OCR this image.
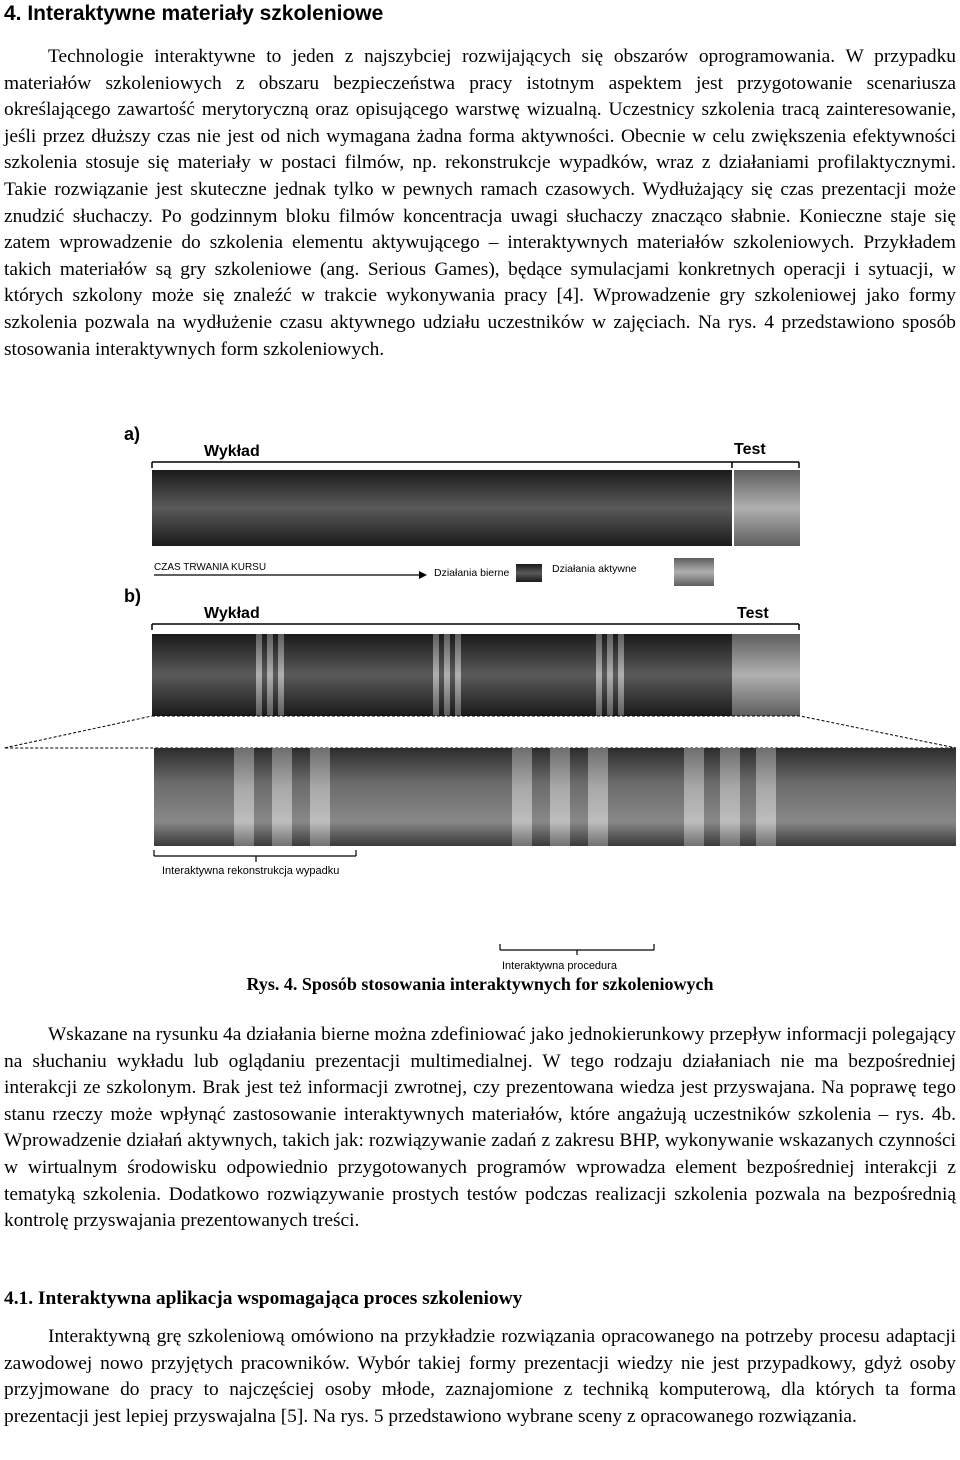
4. Interaktywne materiały szkoleniowe

Technologie interaktywne to jeden z najszybciej rozwijających się obszarów oprogramowania. W przypadku materiałów szkoleniowych z obszaru bezpieczeństwa pracy istotnym aspektem jest przygotowanie scenariusza określającego zawartość merytoryczną oraz opisującego warstwę wizualną. Uczestnicy szkolenia tracą zainteresowanie, jeśli przez dłuższy czas nie jest od nich wymagana żadna forma aktywności. Obecnie w celu zwiększenia efektywności szkolenia stosuje się materiały w postaci filmów, np. rekonstrukcje wypadków, wraz z działaniami profilaktycznymi. Takie rozwiązanie jest skuteczne jednak tylko w pewnych ramach czasowych. Wydłużający się czas prezentacji może znudzić słuchaczy. Po godzinnym bloku filmów koncentracja uwagi słuchaczy znacząco słabnie. Konieczne staje się zatem wprowadzenie do szkolenia elementu aktywującego – interaktywnych materiałów szkoleniowych. Przykładem takich materiałów są gry szkoleniowe (ang. Serious Games), będące symulacjami konkretnych operacji i sytuacji, w których szkolony może się znaleźć w trakcie wykonywania pracy [4]. Wprowadzenie gry szkoleniowej jako formy szkolenia pozwala na wydłużenie czasu aktywnego udziału uczestników w zajęciach. Na rys. 4 przedstawiono sposób stosowania interaktywnych form szkoleniowych.

a)
Wykład	Test
CZAS TRWANIA KURSU	Działania bierne	Działania aktywne
b)
Wykład	Test
Interaktywna rekonstrukcja wypadku
Interaktywna procedura

Rys. 4. Sposób stosowania interaktywnych for szkoleniowych

Wskazane na rysunku 4a działania bierne można zdefiniować jako jednokierunkowy przepływ informacji polegający na słuchaniu wykładu lub oglądaniu prezentacji multimedialnej. W tego rodzaju działaniach nie ma bezpośredniej interakcji ze szkolonym. Brak jest też informacji zwrotnej, czy prezentowana wiedza jest przyswajana. Na poprawę tego stanu rzeczy może wpłynąć zastosowanie interaktywnych materiałów, które angażują uczestników szkolenia – rys. 4b. Wprowadzenie działań aktywnych, takich jak: rozwiązywanie zadań z zakresu BHP, wykonywanie wskazanych czynności w wirtualnym środowisku odpowiednio przygotowanych programów wprowadza element bezpośredniej interakcji z tematyką szkolenia. Dodatkowo rozwiązywanie prostych testów podczas realizacji szkolenia pozwala na bezpośrednią kontrolę przyswajania prezentowanych treści.

4.1. Interaktywna aplikacja wspomagająca proces szkoleniowy

Interaktywną grę szkoleniową omówiono na przykładzie rozwiązania opracowanego na potrzeby procesu adaptacji zawodowej nowo przyjętych pracowników. Wybór takiej formy prezentacji wiedzy nie jest przypadkowy, gdyż osoby przyjmowane do pracy to najczęściej osoby młode, zaznajomione z techniką komputerową, dla których ta forma prezentacji jest lepiej przyswajalna [5]. Na rys. 5 przedstawiono wybrane sceny z opracowanego rozwiązania.
